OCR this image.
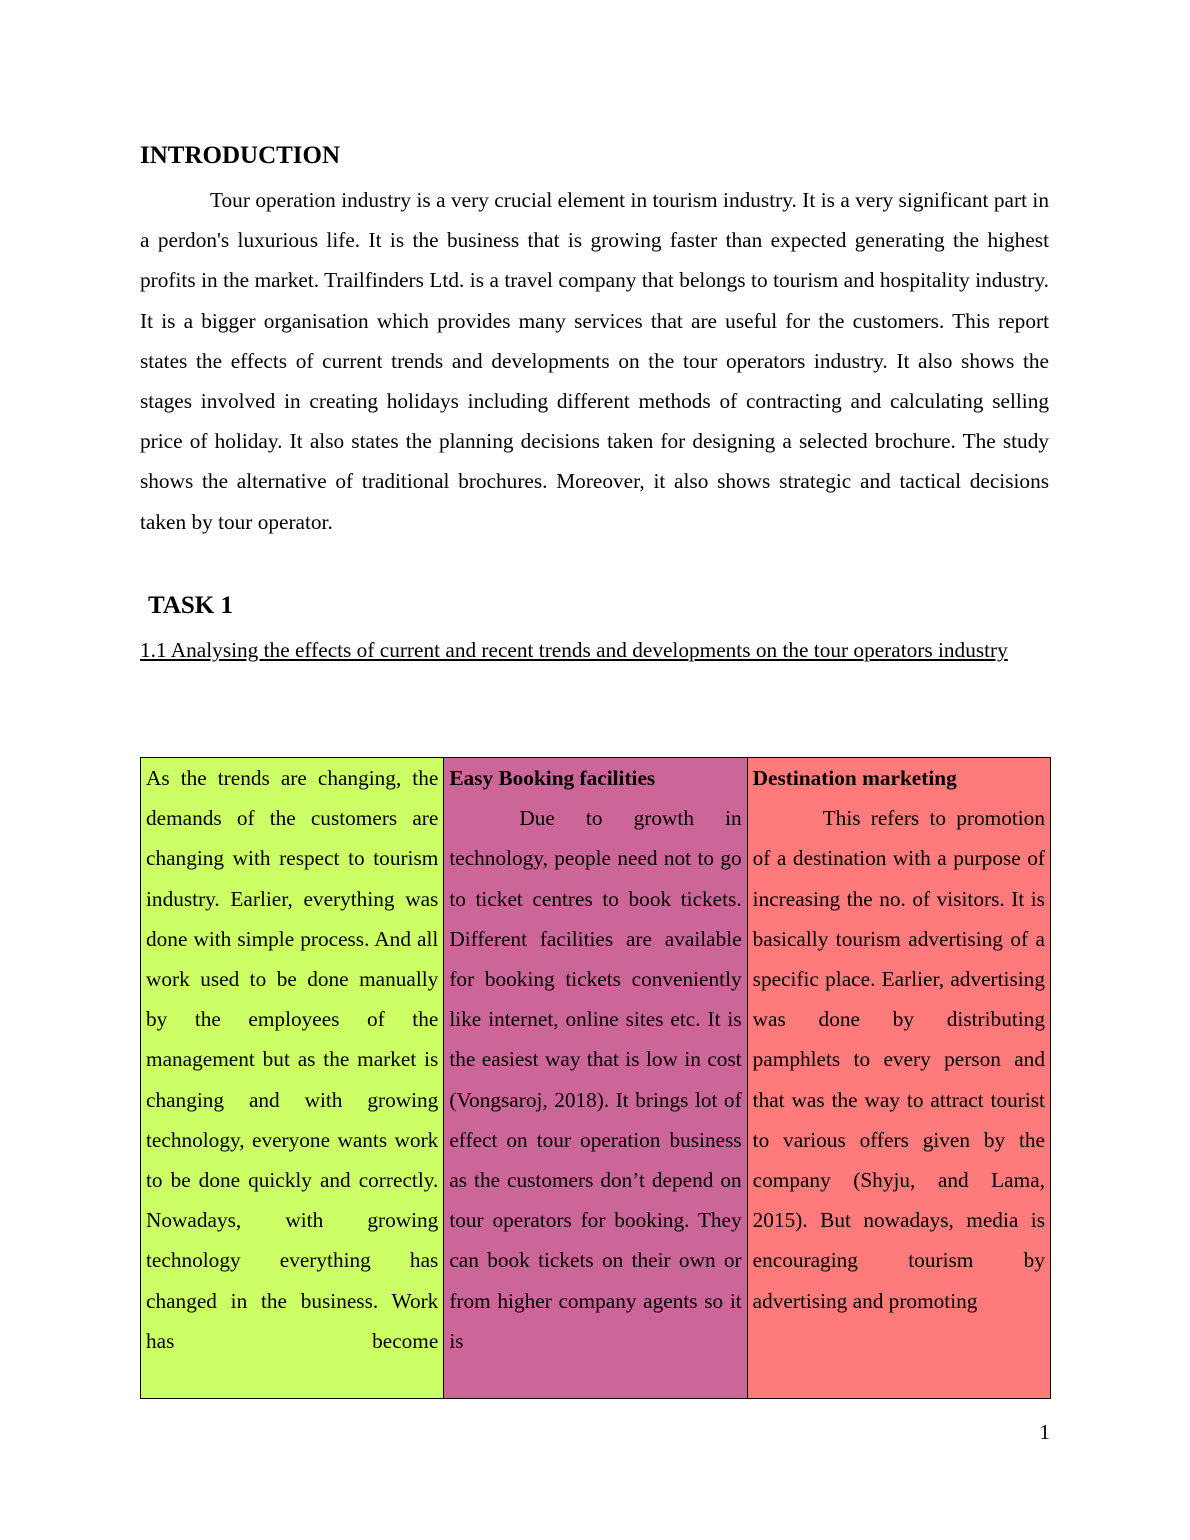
INTRODUCTION

Tour operation industry is a very crucial element in tourism industry. It is a very significant part in a perdon's luxurious life. It is the business that is growing faster than expected generating the highest profits in the market. Trailfinders Ltd. is a travel company that belongs to tourism and hospitality industry. It is a bigger organisation which provides many services that are useful for the customers. This report states the effects of current trends and developments on the tour operators industry. It also shows the stages involved in creating holidays including different methods of contracting and calculating selling price of holiday. It also states the planning decisions taken for designing a selected brochure. The study shows the alternative of traditional brochures. Moreover, it also shows strategic and tactical decisions taken by tour operator.

TASK 1

1.1 Analysing the effects of current and recent trends and developments on the tour operators industry

As the trends are changing, the demands of the customers are changing with respect to tourism industry. Earlier, everything was done with simple process. And all work used to be done manually by the employees of the management but as the market is changing and with growing technology, everyone wants work to be done quickly and correctly. Nowadays, with growing technology everything has changed in the business. Work has become

Easy Booking facilities

Due to growth in technology, people need not to go to ticket centres to book tickets. Different facilities are available for booking tickets conveniently like internet, online sites etc. It is the easiest way that is low in cost (Vongsaroj, 2018). It brings lot of effect on tour operation business as the customers don’t depend on tour operators for booking. They can book tickets on their own or from higher company agents so it is

Destination marketing

This refers to promotion of a destination with a purpose of increasing the no. of visitors. It is basically tourism advertising of a specific place. Earlier, advertising was done by distributing pamphlets to every person and that was the way to attract tourist to various offers given by the company (Shyju, and Lama, 2015). But nowadays, media is encouraging tourism by advertising and promoting

1
